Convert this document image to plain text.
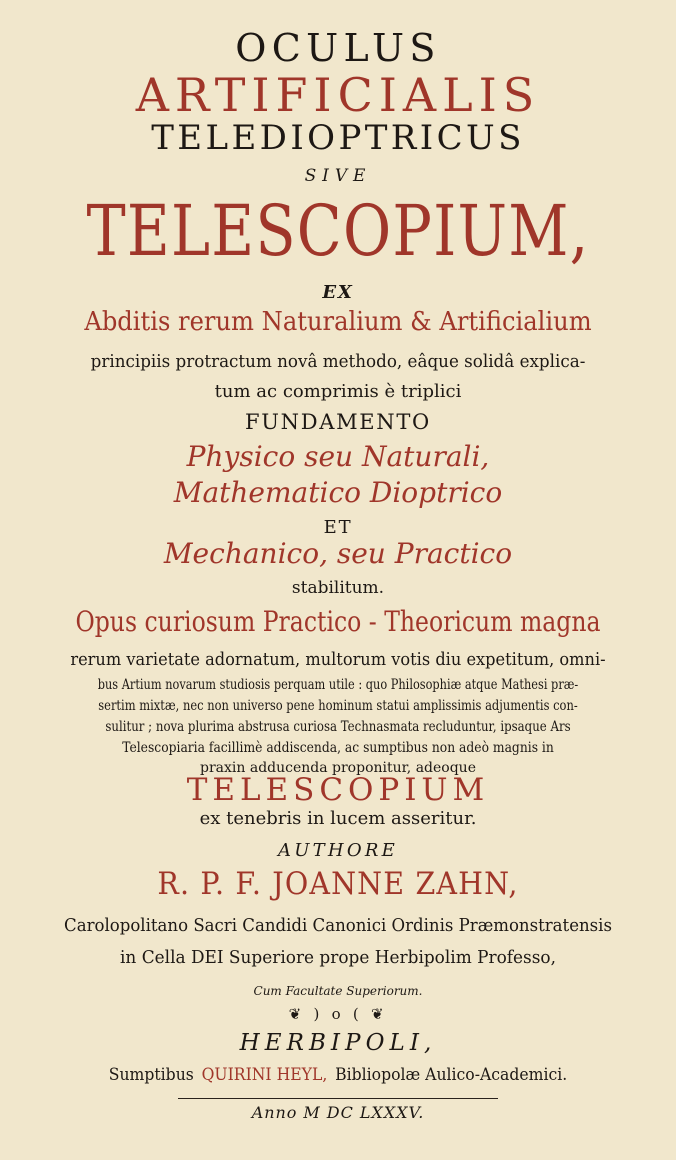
OCULUS
ARTIFICIALIS
TELEDIOPTRICUS
SIVE
TELESCOPIUM,
EX
Abditis rerum Naturalium & Artificialium
principiis protractum novâ methodo, eâque solidâ explica-
tum ac comprimis è triplici
FUNDAMENTO
Physico seu Naturali,
Mathematico Dioptrico
ET
Mechanico, seu Practico
stabilitum.
Opus curiosum Practico - Theoricum magna
rerum varietate adornatum, multorum votis diu expetitum, omni-
bus Artium novarum studiosis perquam utile : quo Philosophiæ atque Mathesi præ-
sertim mixtæ, nec non universo pene hominum statui amplissimis adjumentis con-
sulitur ; nova plurima abstrusa curiosa Technasmata recluduntur, ipsaque Ars
Telescopiaria facillimè addiscenda, ac sumptibus non adeò magnis in
praxin adducenda proponitur, adeoque
TELESCOPIUM
ex tenebris in lucem asseritur.
AUTHORE
R. P. F. JOANNE ZAHN,
Carolopolitano Sacri Candidi Canonici Ordinis Præmonstratensis
in Cella DEI Superiore prope Herbipolim Professo,
Cum Facultate Superiorum.
❦ ) o ( ❦
HERBIPOLI,
Sumptibus QUIRINI HEYL, Bibliopolæ Aulico-Academici.
Anno M DC LXXXV.
